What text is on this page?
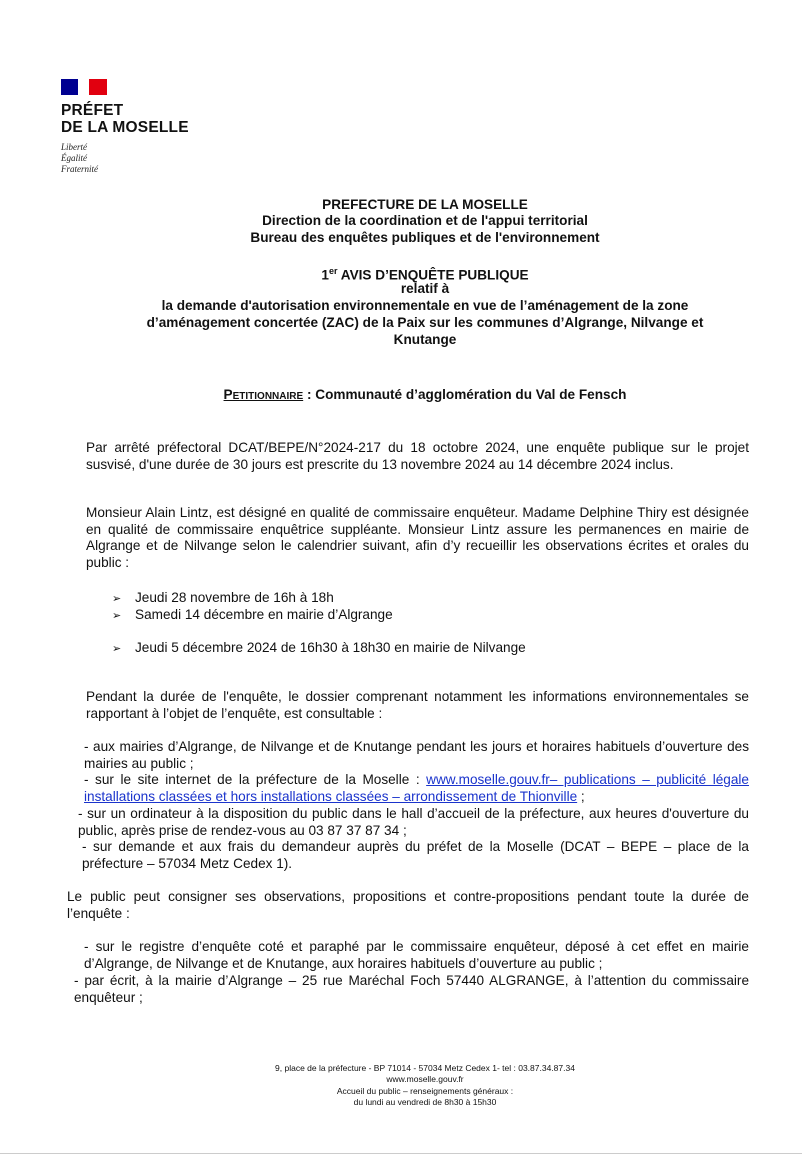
PRÉFET
DE LA MOSELLE
Liberté
Égalité
Fraternité
PREFECTURE DE LA MOSELLE
Direction de la coordination et de l'appui territorial
Bureau des enquêtes publiques et de l'environnement
1er AVIS D’ENQUÊTE PUBLIQUE
relatif à
la demande d'autorisation environnementale en vue de l’aménagement de la zone
d’aménagement concertée (ZAC) de la Paix sur les communes d’Algrange, Nilvange et
Knutange
Petitionnaire : Communauté d’agglomération du Val de Fensch
Par arrêté préfectoral DCAT/BEPE/N°2024-217 du 18 octobre 2024, une enquête publique sur le projet susvisé, d'une durée de 30 jours est prescrite du 13 novembre 2024 au 14 décembre 2024 inclus.
Monsieur Alain Lintz, est désigné en qualité de commissaire enquêteur. Madame Delphine Thiry est désignée en qualité de commissaire enquêtrice suppléante. Monsieur Lintz assure les permanences en mairie de Algrange et de Nilvange selon le calendrier suivant, afin d’y recueillir les observations écrites et orales du public :
➢ Jeudi 28 novembre de 16h à 18h
➢ Samedi 14 décembre en mairie d’Algrange
➢ Jeudi 5 décembre 2024 de 16h30 à 18h30 en mairie de Nilvange
Pendant la durée de l'enquête, le dossier comprenant notamment les informations environnementales se rapportant à l’objet de l’enquête, est consultable :
- aux mairies d’Algrange, de Nilvange et de Knutange pendant les jours et horaires habituels d’ouverture des mairies au public ;
- sur le site internet de la préfecture de la Moselle : www.moselle.gouv.fr– publications – publicité légale installations classées et hors installations classées – arrondissement de Thionville ;
- sur un ordinateur à la disposition du public dans le hall d’accueil de la préfecture, aux heures d'ouverture du public, après prise de rendez-vous au 03 87 37 87 34 ;
- sur demande et aux frais du demandeur auprès du préfet de la Moselle (DCAT – BEPE – place de la préfecture – 57034 Metz Cedex 1).
Le public peut consigner ses observations, propositions et contre-propositions pendant toute la durée de l’enquête :
- sur le registre d’enquête coté et paraphé par le commissaire enquêteur, déposé à cet effet en mairie d’Algrange, de Nilvange et de Knutange, aux horaires habituels d’ouverture au public ;
- par écrit, à la mairie d’Algrange – 25 rue Maréchal Foch 57440 ALGRANGE, à l’attention du commissaire enquêteur ;
9, place de la préfecture - BP 71014 - 57034 Metz Cedex 1- tel : 03.87.34.87.34
www.moselle.gouv.fr
Accueil du public – renseignements généraux :
du lundi au vendredi de 8h30 à 15h30
